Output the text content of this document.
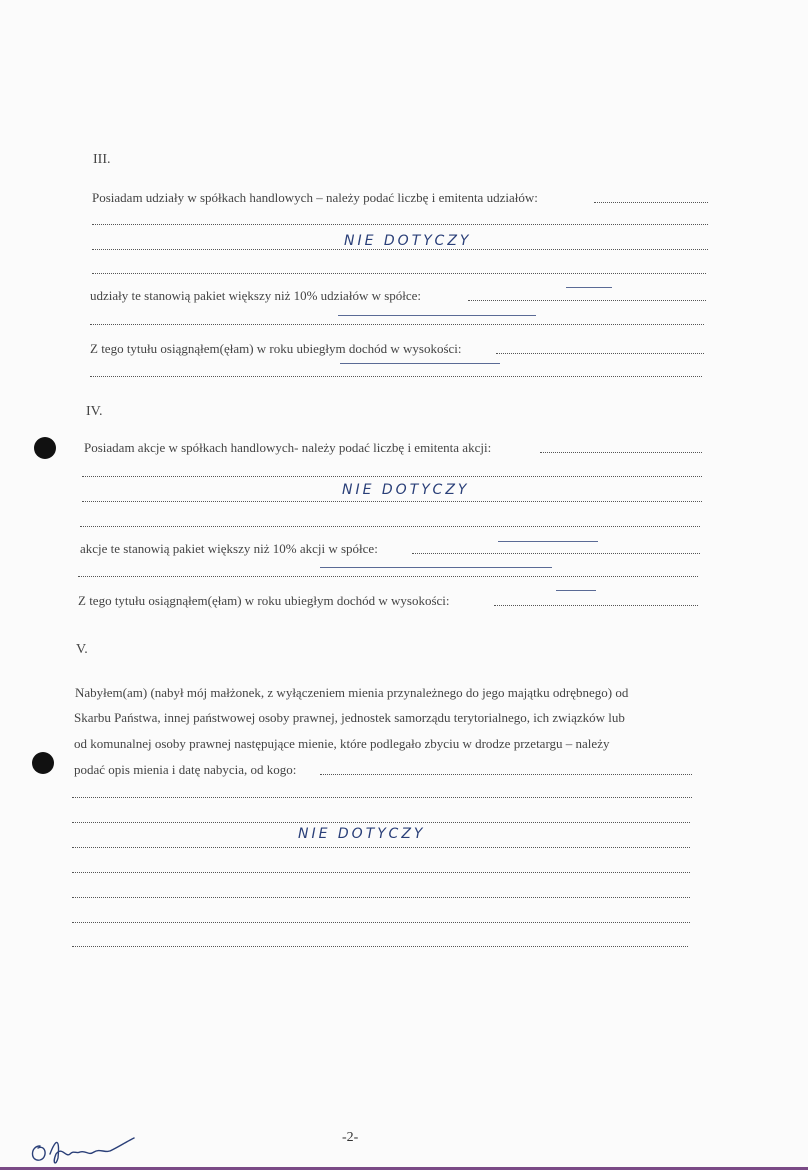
III.
Posiadam udziały w spółkach handlowych – należy podać liczbę i emitenta udziałów:
NIE DOTYCZY
udziały te stanowią pakiet większy niż 10% udziałów w spółce:
Z tego tytułu osiągnąłem(ęłam) w roku ubiegłym dochód w wysokości:
IV.
Posiadam akcje w spółkach handlowych- należy podać liczbę i emitenta akcji:
NIE DOTYCZY
akcje te stanowią pakiet większy niż 10% akcji w spółce:
Z tego tytułu osiągnąłem(ęłam) w roku ubiegłym dochód w wysokości:
V.
Nabyłem(am) (nabył mój małżonek, z wyłączeniem mienia przynależnego do jego majątku odrębnego) od
Skarbu Państwa, innej państwowej osoby prawnej, jednostek samorządu terytorialnego, ich związków lub
od komunalnej osoby prawnej następujące mienie, które podlegało zbyciu w drodze przetargu – należy
podać opis mienia i datę nabycia, od kogo:
NIE DOTYCZY
-2-
